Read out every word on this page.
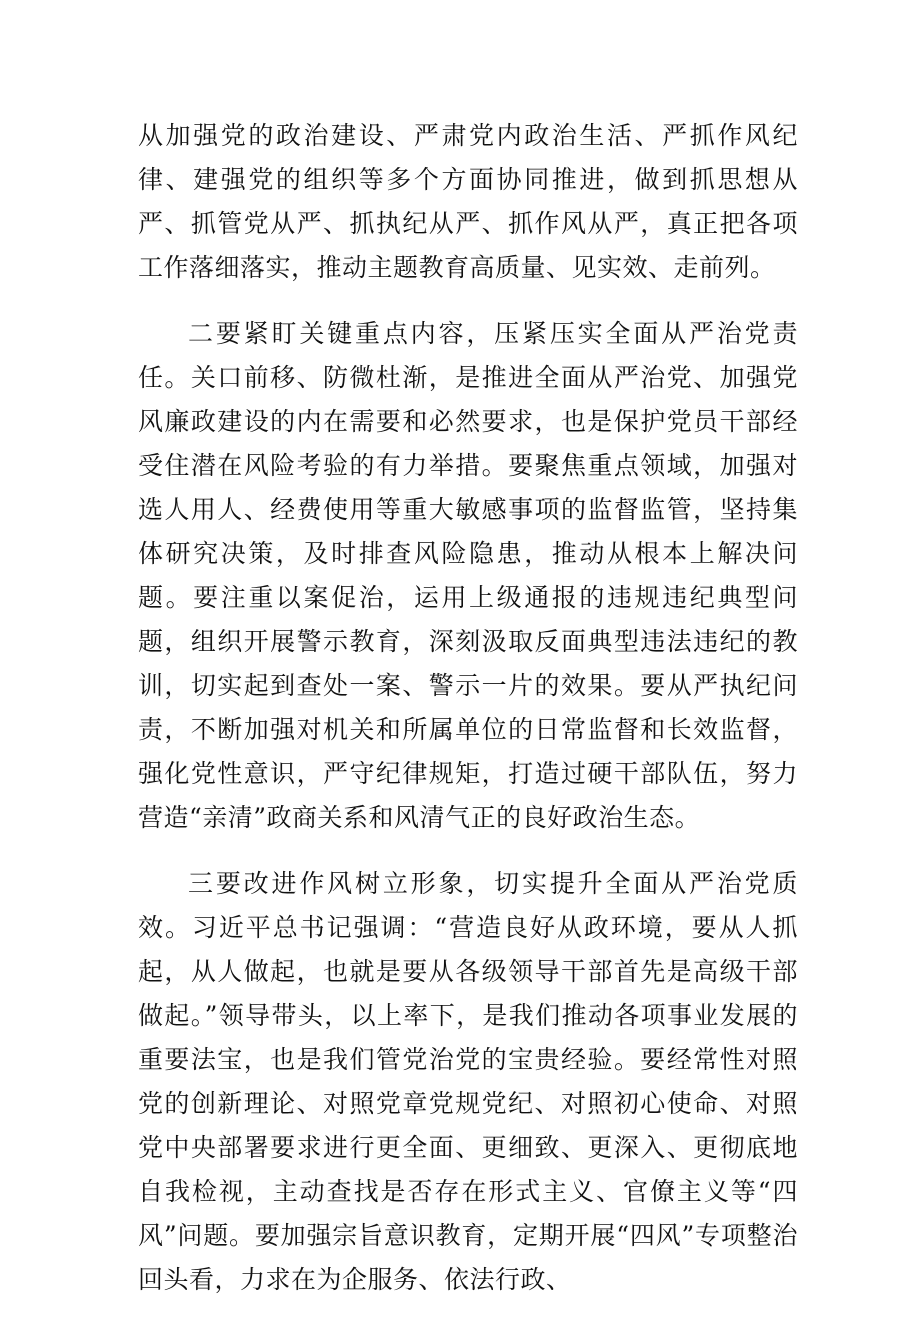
从加强党的政治建设、严肃党内政治生活、严抓作风纪律、建强党的组织等多个方面协同推进，做到抓思想从严、抓管党从严、抓执纪从严、抓作风从严，真正把各项工作落细落实，推动主题教育高质量、见实效、走前列。

二要紧盯关键重点内容，压紧压实全面从严治党责任。关口前移、防微杜渐，是推进全面从严治党、加强党风廉政建设的内在需要和必然要求，也是保护党员干部经受住潜在风险考验的有力举措。要聚焦重点领域，加强对选人用人、经费使用等重大敏感事项的监督监管，坚持集体研究决策，及时排查风险隐患，推动从根本上解决问题。要注重以案促治，运用上级通报的违规违纪典型问题，组织开展警示教育，深刻汲取反面典型违法违纪的教训，切实起到查处一案、警示一片的效果。要从严执纪问责，不断加强对机关和所属单位的日常监督和长效监督，强化党性意识，严守纪律规矩，打造过硬干部队伍，努力营造“亲清”政商关系和风清气正的良好政治生态。

三要改进作风树立形象，切实提升全面从严治党质效。习近平总书记强调：“营造良好从政环境，要从人抓起，从人做起，也就是要从各级领导干部首先是高级干部做起。”领导带头，以上率下，是我们推动各项事业发展的重要法宝，也是我们管党治党的宝贵经验。要经常性对照党的创新理论、对照党章党规党纪、对照初心使命、对照党中央部署要求进行更全面、更细致、更深入、更彻底地自我检视，主动查找是否存在形式主义、官僚主义等“四风”问题。要加强宗旨意识教育，定期开展“四风”专项整治回头看，力求在为企服务、依法行政、
